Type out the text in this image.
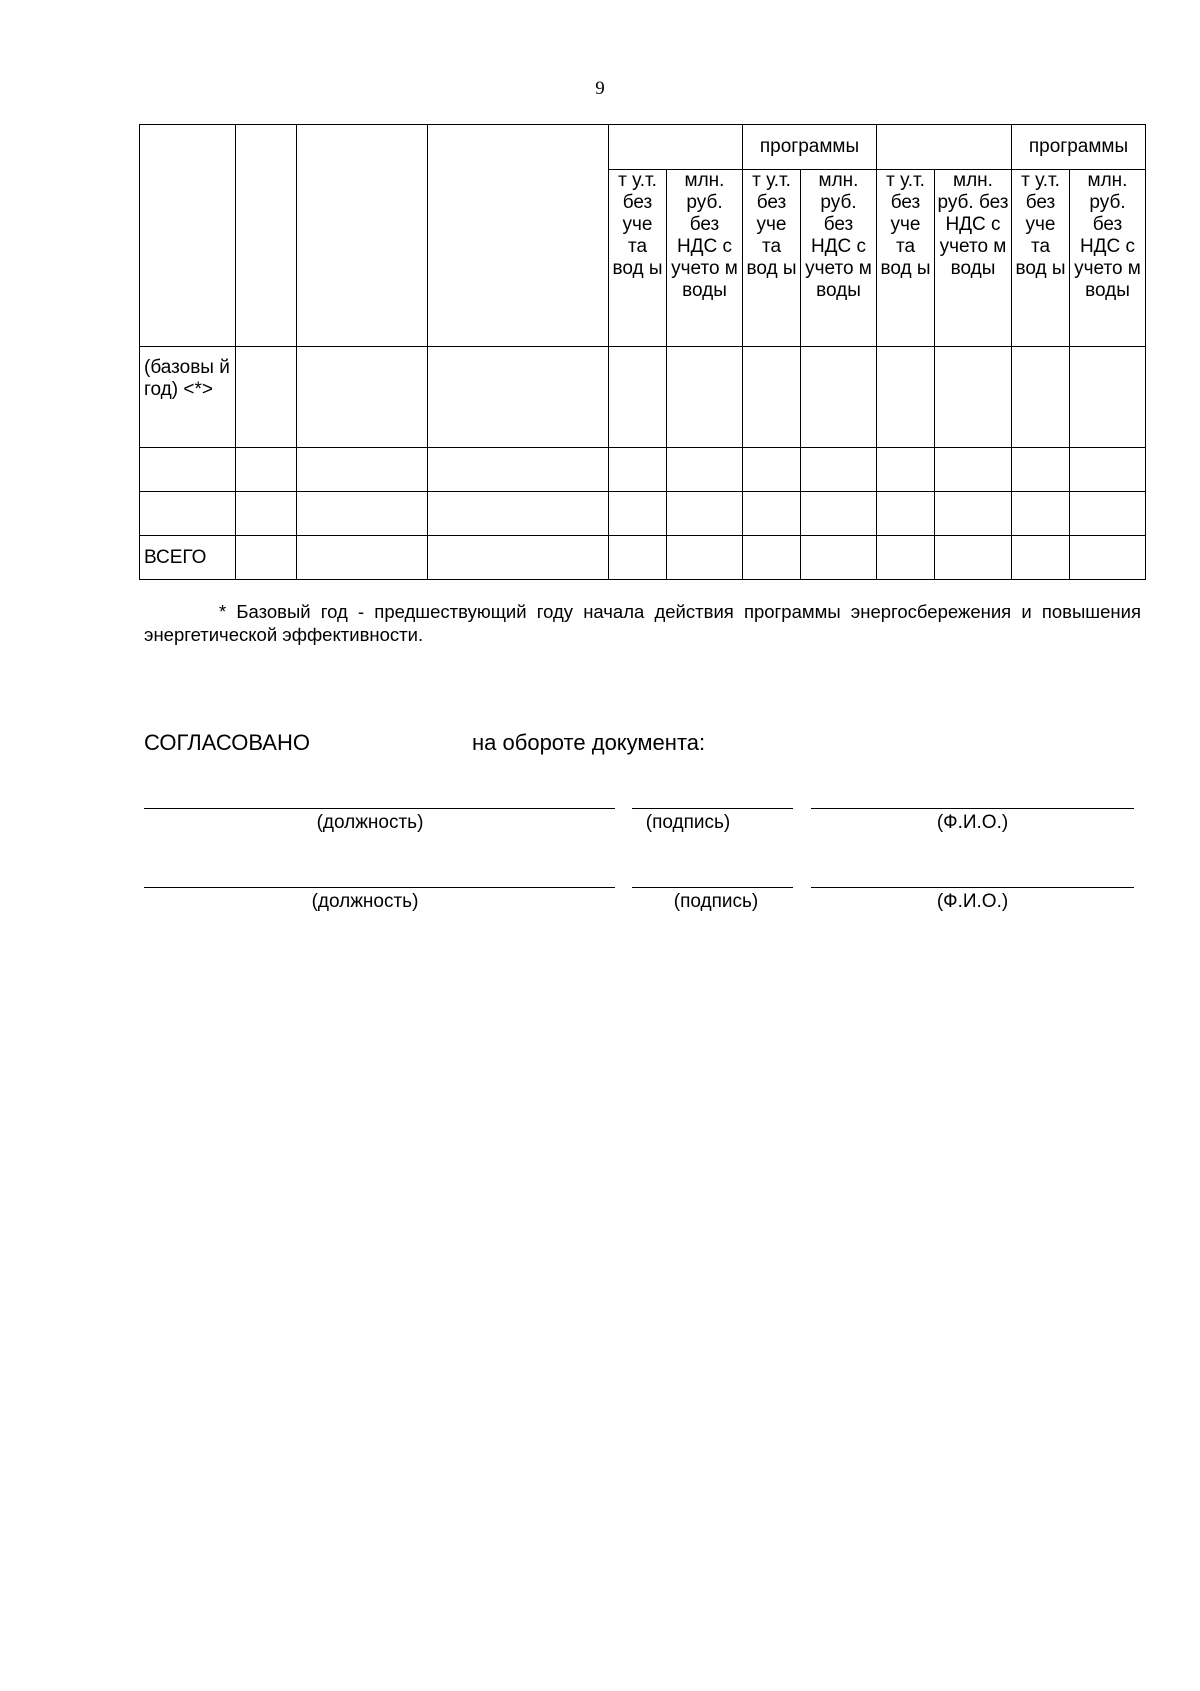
9
						программы				программы	

				т у.т. без уче та вод ы	млн. руб. без НДС с учето м воды	т у.т. без уче та вод ы	млн. руб. без НДС с учето м воды	т у.т. без уче та вод ы	млн. руб. без НДС с учето м воды	т у.т. без уче та вод ы	млн. руб. без НДС с учето м воды

(базовы й год) <*>											

ВСЕГО											
* Базовый год - предшествующий году начала действия программы энергосбережения и повышения энергетической эффективности.
СОГЛАСОВАНО	на обороте документа:
(должность)	(подпись)	(Ф.И.О.)
(должность)	(подпись)	(Ф.И.О.)
